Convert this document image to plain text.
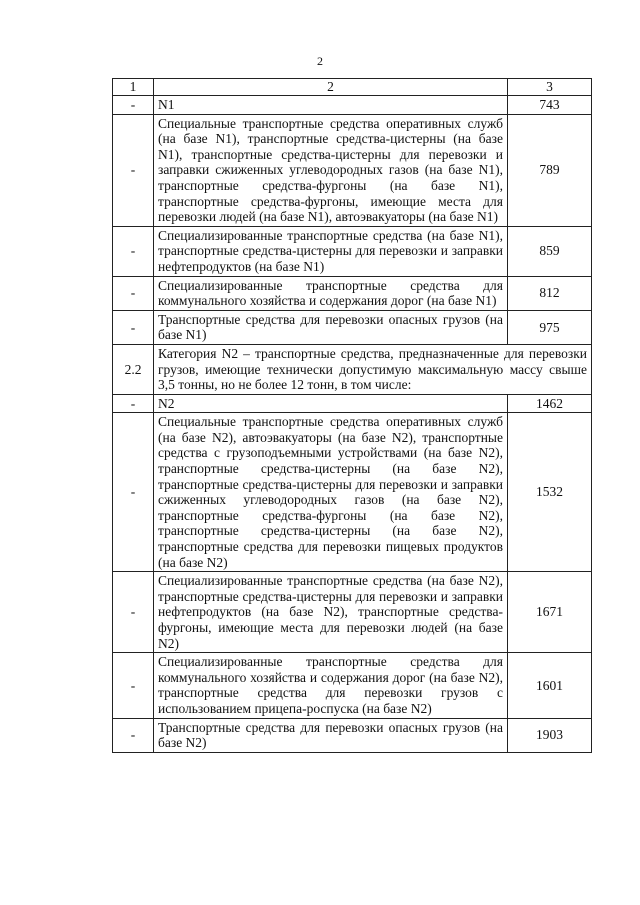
2
1	2	3
-	N1	743
-	Специальные транспортные средства оперативных служб (на базе N1), транспортные средства-цистерны (на базе N1), транспортные средства-цистерны для перевозки и заправки сжиженных углеводородных газов (на базе N1), транспортные средства-фургоны (на базе N1), транспортные средства-фургоны, имеющие места для перевозки людей (на базе N1), автоэвакуаторы (на базе N1)	789
-	Специализированные транспортные средства (на базе N1), транспортные средства-цистерны для перевозки и заправки нефтепродуктов (на базе N1)	859
-	Специализированные транспортные средства для коммунального хозяйства и содержания дорог (на базе N1)	812
-	Транспортные средства для перевозки опасных грузов (на базе N1)	975
2.2	Категория N2 – транспортные средства, предназначенные для перевозки грузов, имеющие технически допустимую максимальную массу свыше 3,5 тонны, но не более 12 тонн, в том числе:	
-	N2	1462
-	Специальные транспортные средства оперативных служб (на базе N2), автоэвакуаторы (на базе N2), транспортные средства с грузоподъемными устройствами (на базе N2), транспортные средства-цистерны (на базе N2), транспортные средства-цистерны для перевозки и заправки сжиженных углеводородных газов (на базе N2), транспортные средства-фургоны (на базе N2), транспортные средства-цистерны (на базе N2), транспортные средства для перевозки пищевых продуктов (на базе N2)	1532
-	Специализированные транспортные средства (на базе N2), транспортные средства-цистерны для перевозки и заправки нефтепродуктов (на базе N2), транспортные средства-фургоны, имеющие места для перевозки людей (на базе N2)	1671
-	Специализированные транспортные средства для коммунального хозяйства и содержания дорог (на базе N2), транспортные средства для перевозки грузов с использованием прицепа-роспуска (на базе N2)	1601
-	Транспортные средства для перевозки опасных грузов (на базе N2)	1903
